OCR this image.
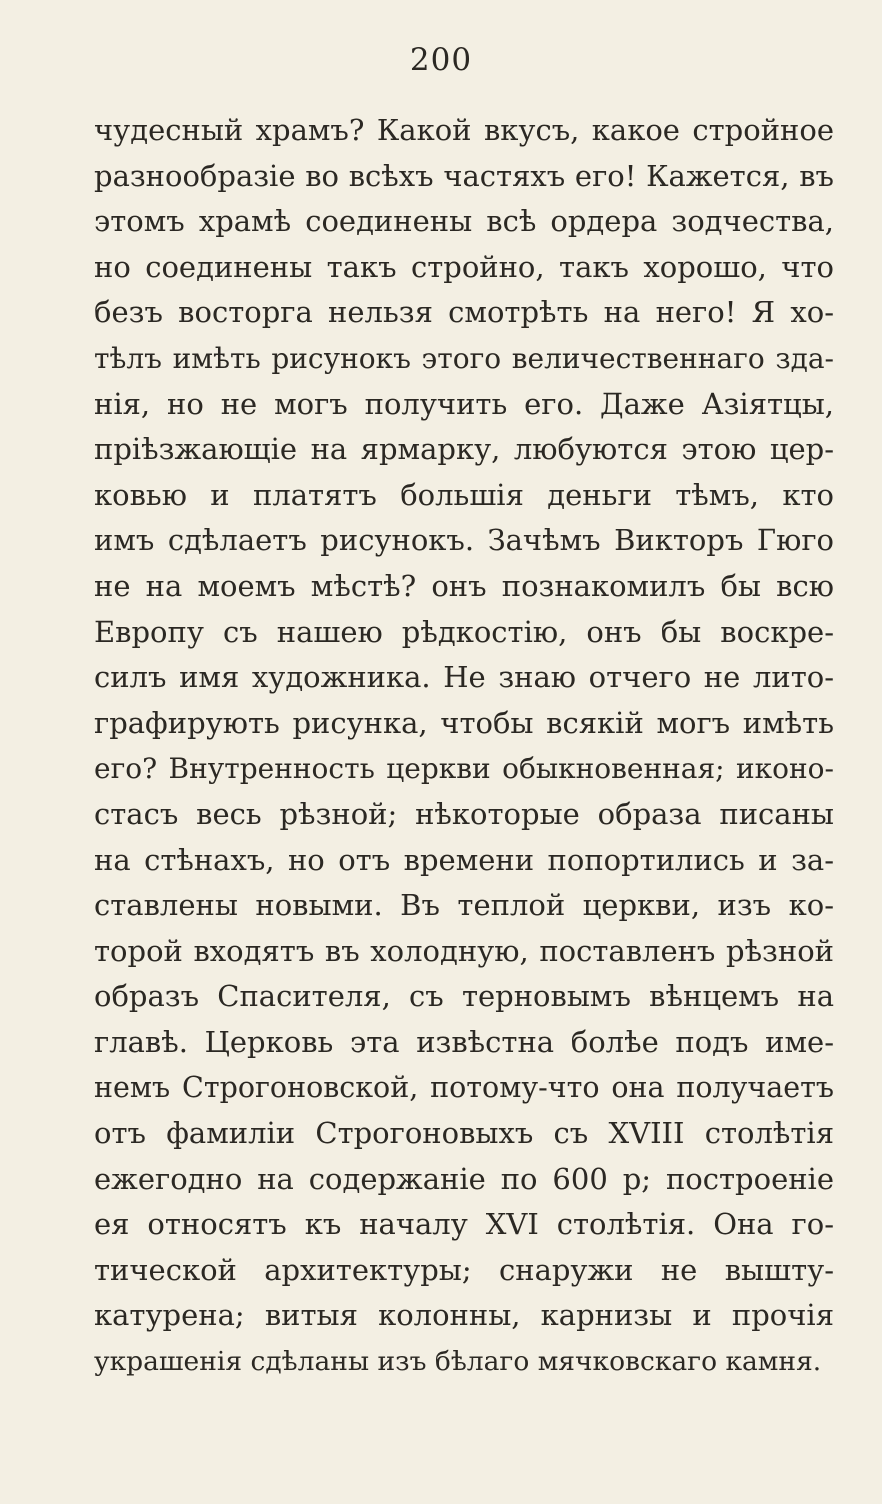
200
чудесный храмъ? Какой вкусъ, какое стройное
разнообразіе во всѣхъ частяхъ его! Кажется, въ
этомъ храмѣ соединены всѣ ордера зодчества,
но соединены такъ стройно, такъ хорошо, что
безъ восторга нельзя смотрѣть на него! Я хо-
тѣлъ имѣть рисунокъ этого величественнаго зда-
нія, но не могъ получить его. Даже Азіятцы,
пріѣзжающіе на ярмарку, любуются этою цер-
ковью и платятъ большія деньги тѣмъ, кто
имъ сдѣлаетъ рисунокъ. Зачѣмъ Викторъ Гюго
не на моемъ мѣстѣ? онъ познакомилъ бы всю
Европу съ нашею рѣдкостію, онъ бы воскре-
силъ имя художника. Не знаю отчего не лито-
графирують рисунка, чтобы всякій могъ имѣть
его? Внутренность церкви обыкновенная; иконо-
стасъ весь рѣзной; нѣкоторые образа писаны
на стѣнахъ, но отъ времени попортились и за-
ставлены новыми. Въ теплой церкви, изъ ко-
торой входятъ въ холодную, поставленъ рѣзной
образъ Спасителя, съ терновымъ вѣнцемъ на
главѣ. Церковь эта извѣстна болѣе подъ име-
немъ Строгоновской, потому-что она получаетъ
отъ фамиліи Строгоновыхъ съ XVIII столѣтія
ежегодно на содержаніе по 600 р; построеніе
ея относятъ къ началу XVI столѣтія. Она го-
тической архитектуры; снаружи не вышту-
катурена; витыя колонны, карнизы и прочія
украшенія сдѣланы изъ бѣлаго мячковскаго камня.
